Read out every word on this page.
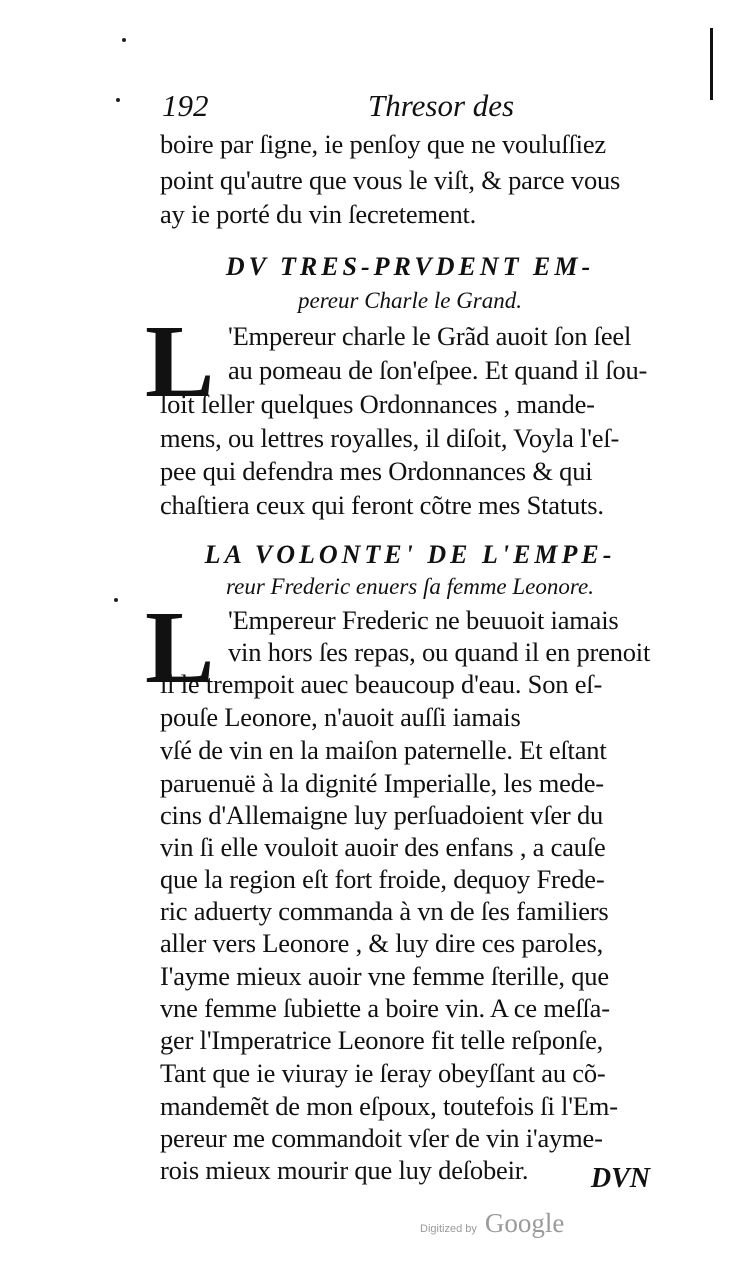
192	Thresor des
boire par ſigne, ie penſoy que ne vouluſſiez
point qu'autre que vous le viſt, & parce vous
ay ie porté du vin ſecretement.
DV TRES-PRVDENT EM-
pereur Charle le Grand.
L 'Empereur charle le Grãd auoit ſon ſeel
au pomeau de ſon'eſpee. Et quand il ſou-
loit ſeller quelques Ordonnances , mande-
mens, ou lettres royalles, il diſoit, Voyla l'eſ-
pee qui defendra mes Ordonnances & qui
chaſtiera ceux qui feront cõtre mes Statuts.
LA VOLONTE' DE L'EMPE-
reur Frederic enuers ſa femme Leonore.
L 'Empereur Frederic ne beuuoit iamais
vin hors ſes repas, ou quand il en prenoit
il le trempoit auec beaucoup d'eau. Son eſ-
pouſe Leonore, n'auoit auſſi iamais
vſé de vin en la maiſon paternelle. Et eſtant
paruenuë à la dignité Imperialle, les mede-
cins d'Allemaigne luy perſuadoient vſer du
vin ſi elle vouloit auoir des enfans , a cauſe
que la region eſt fort froide, dequoy Frede-
ric aduerty commanda à vn de ſes familiers
aller vers Leonore , & luy dire ces paroles,
I'ayme mieux auoir vne femme ſterille, que
vne femme ſubiette a boire vin. A ce meſſa-
ger l'Imperatrice Leonore fit telle reſponſe,
Tant que ie viuray ie ſeray obeyſſant au cõ-
mandemẽt de mon eſpoux, toutefois ſi l'Em-
pereur me commandoit vſer de vin i'ayme-
rois mieux mourir que luy deſobeir.	DVN
Digitized by Google
